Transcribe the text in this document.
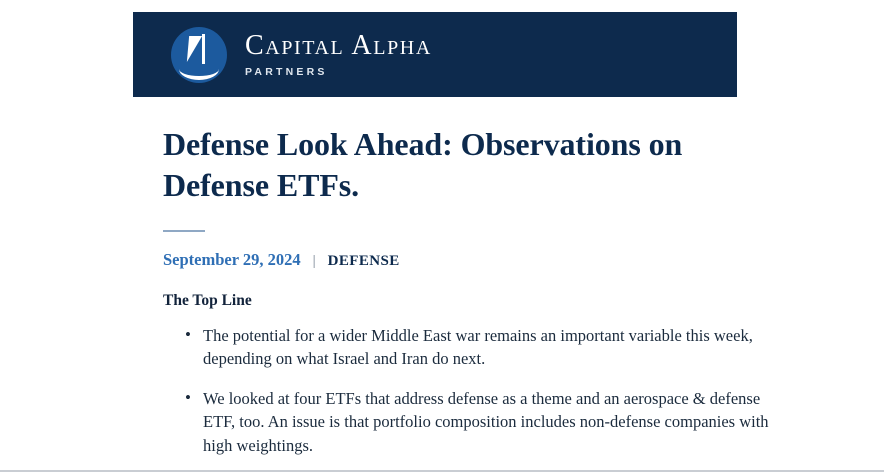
Capital Alpha
PARTNERS
Defense Look Ahead: Observations on Defense ETFs.
September 29, 2024 | DEFENSE
The Top Line
• The potential for a wider Middle East war remains an important variable this week, depending on what Israel and Iran do next.
• We looked at four ETFs that address defense as a theme and an aerospace & defense ETF, too. An issue is that portfolio composition includes non-defense companies with high weightings.
